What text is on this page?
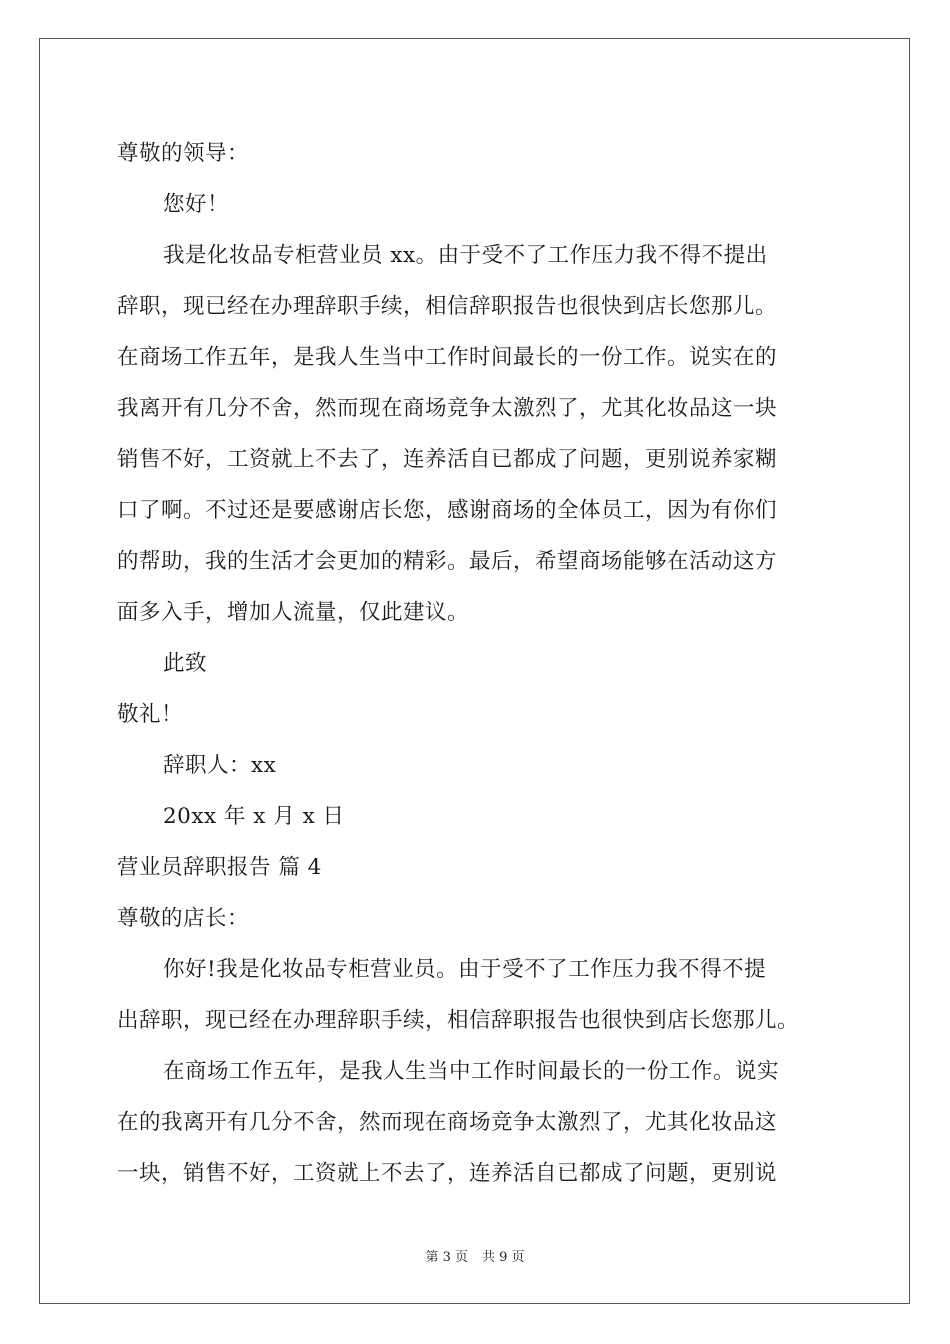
尊敬的领导：
您好！
我是化妆品专柜营业员 xx。由于受不了工作压力我不得不提出
辞职，现已经在办理辞职手续，相信辞职报告也很快到店长您那儿。
在商场工作五年，是我人生当中工作时间最长的一份工作。说实在的
我离开有几分不舍，然而现在商场竞争太激烈了，尤其化妆品这一块
销售不好，工资就上不去了，连养活自已都成了问题，更别说养家糊
口了啊。不过还是要感谢店长您，感谢商场的全体员工，因为有你们
的帮助，我的生活才会更加的精彩。最后，希望商场能够在活动这方
面多入手，增加人流量，仅此建议。
此致
敬礼！
辞职人：xx
20xx 年 x 月 x 日
营业员辞职报告 篇 4
尊敬的店长：
你好!我是化妆品专柜营业员。由于受不了工作压力我不得不提
出辞职，现已经在办理辞职手续，相信辞职报告也很快到店长您那儿。
在商场工作五年，是我人生当中工作时间最长的一份工作。说实
在的我离开有几分不舍，然而现在商场竞争太激烈了，尤其化妆品这
一块，销售不好，工资就上不去了，连养活自已都成了问题，更别说
第 3 页 共 9 页
